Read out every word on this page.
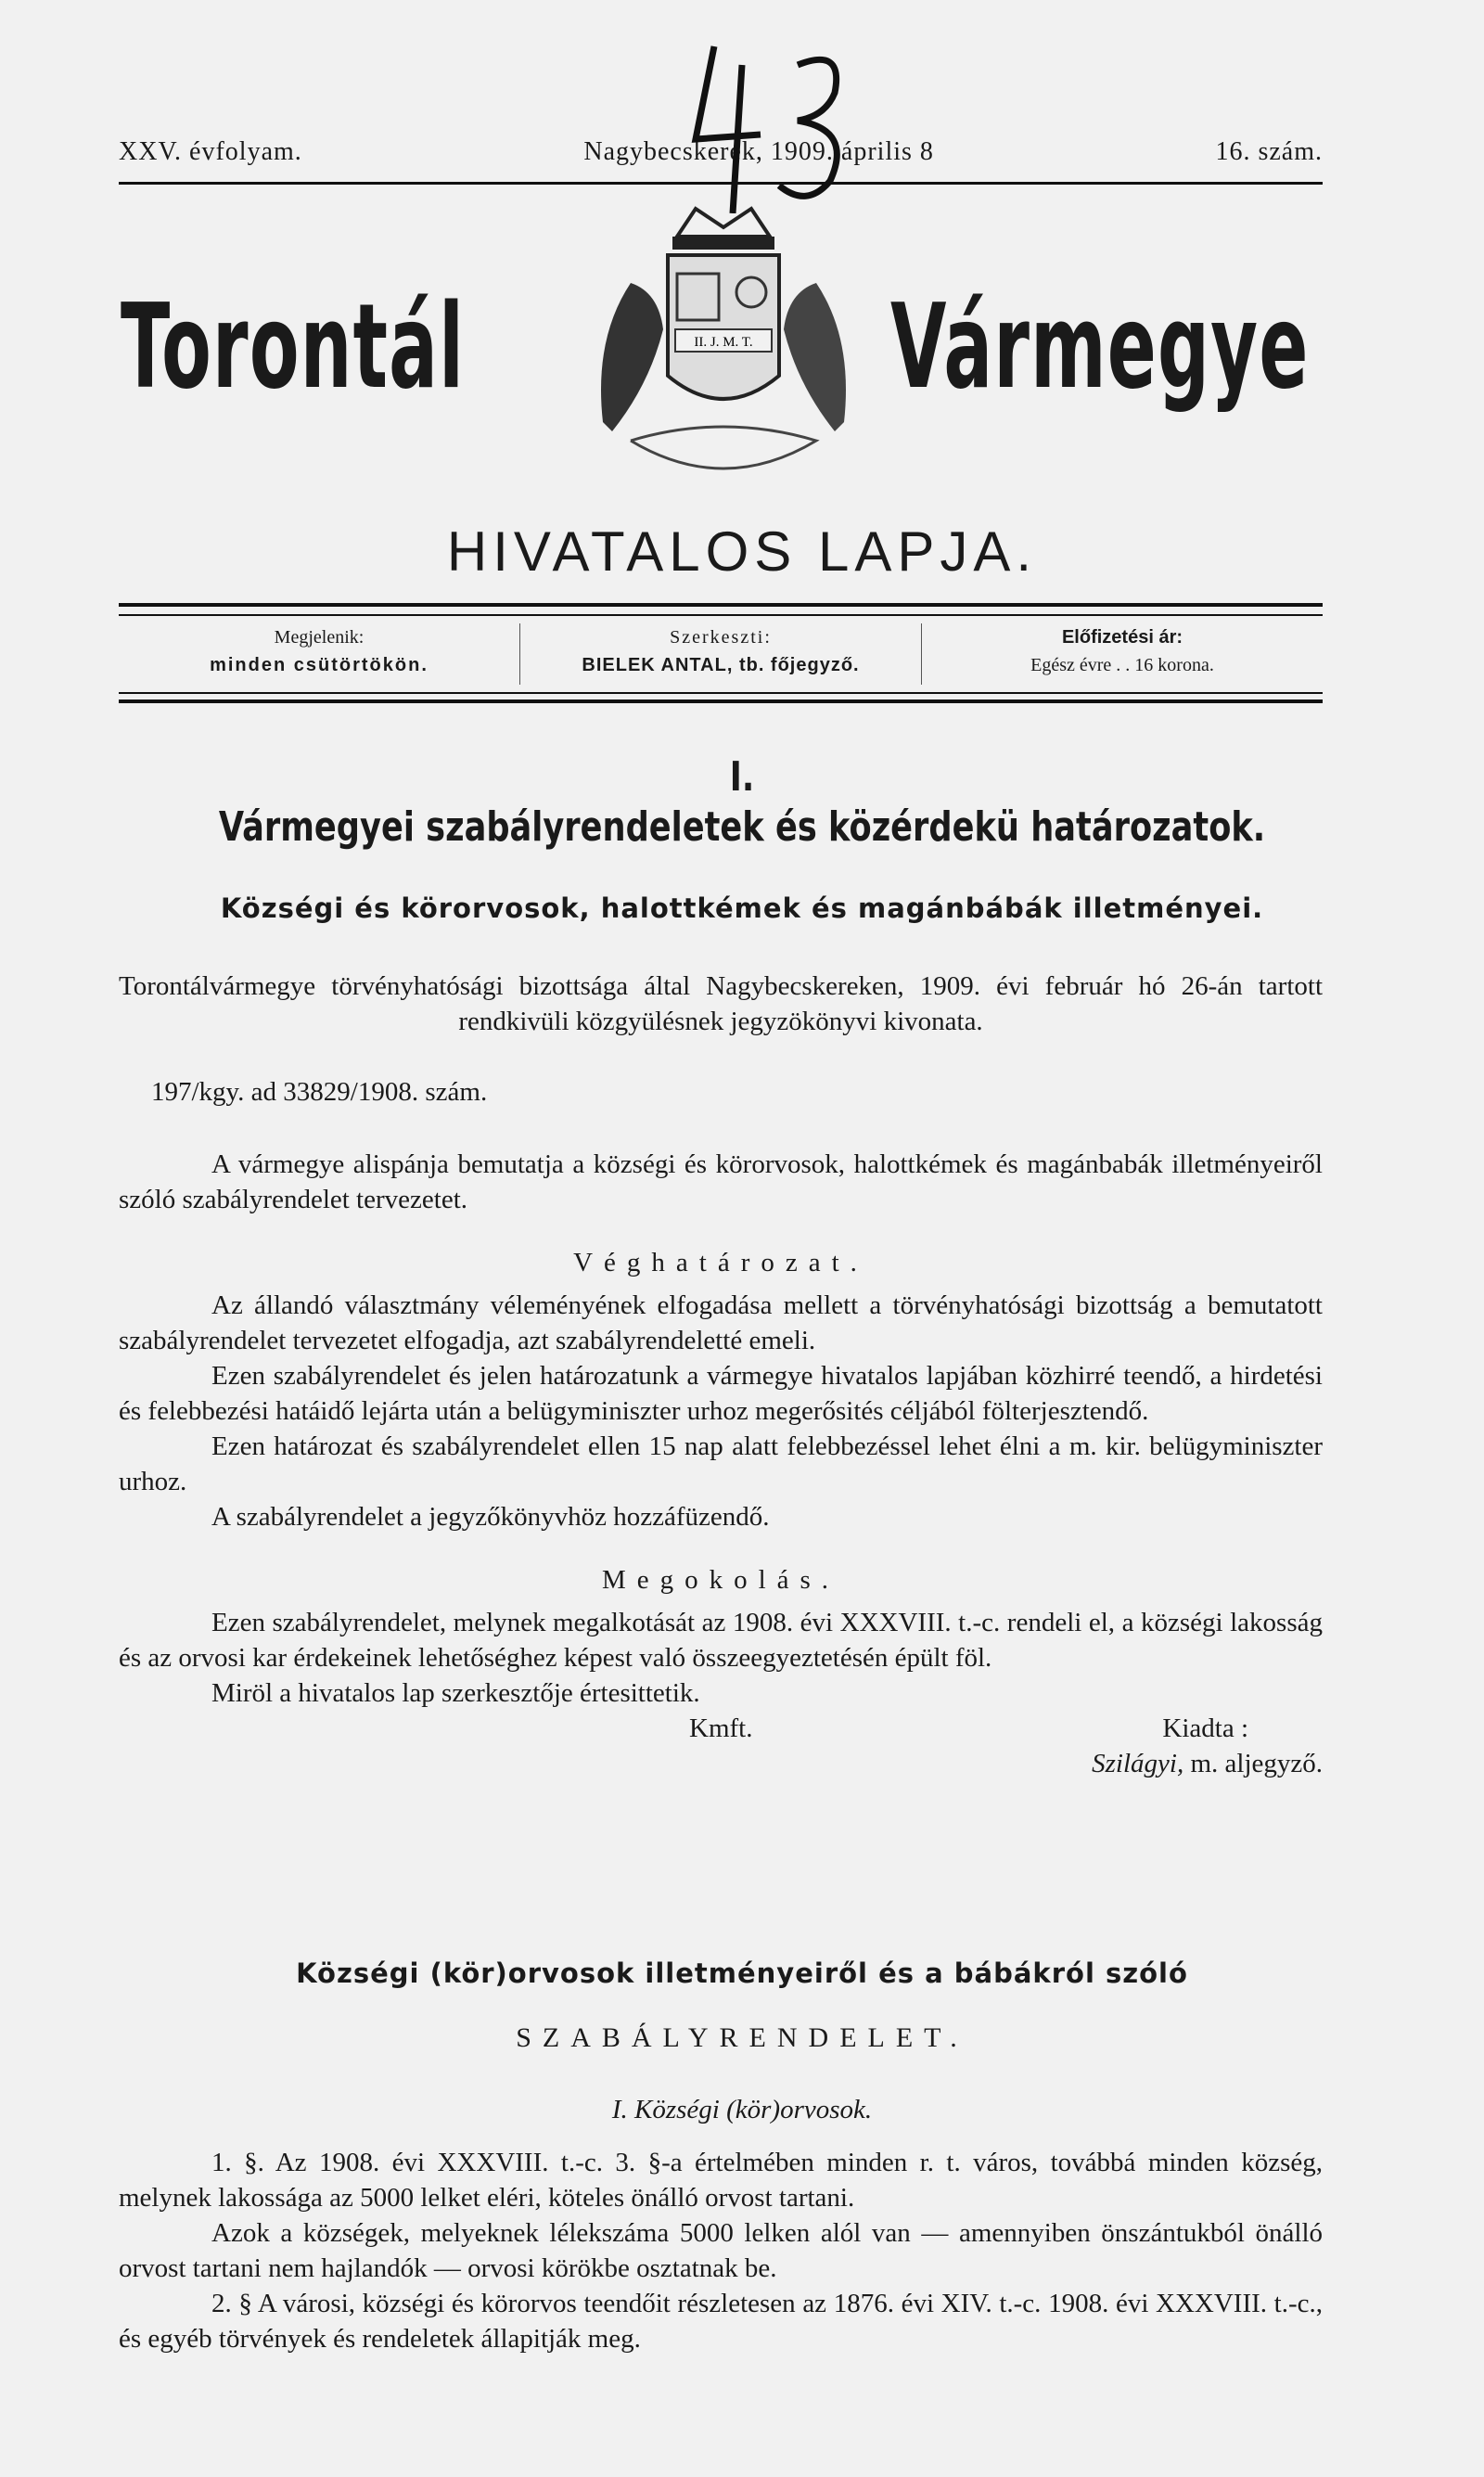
XXV. évfolyam.	Nagybecskerek, 1909. április 8	16. szám.
Torontál	Vármegye
II. J. M. T.
HIVATALOS LAPJA.
Megjelenik:
minden csütörtökön.
Szerkeszti:
BIELEK ANTAL, tb. főjegyző.
Előfizetési ár:
Egész évre . . 16 korona.
I.
Vármegyei szabályrendeletek és közérdekü határozatok.
Községi és körorvosok, halottkémek és magánbábák illetményei.

Torontálvármegye törvényhatósági bizottsága által Nagybecskereken, 1909. évi február hó 26-án tartott rendkivüli közgyülésnek jegyzökönyvi kivonata.

197/kgy. ad 33829/1908. szám.

A vármegye alispánja bemutatja a községi és körorvosok, halottkémek és magánbabák illetményeiről szóló szabályrendelet tervezetet.

Véghatározat.

Az állandó választmány véleményének elfogadása mellett a törvényhatósági bizottság a bemutatott szabályrendelet tervezetet elfogadja, azt szabályrendeletté emeli.

Ezen szabályrendelet és jelen határozatunk a vármegye hivatalos lapjában közhirré teendő, a hirdetési és felebbezési hatáidő lejárta után a belügyminiszter urhoz megerősités céljából fölterjesztendő.

Ezen határozat és szabályrendelet ellen 15 nap alatt felebbezéssel lehet élni a m. kir. belügyminiszter urhoz.

A szabályrendelet a jegyzőkönyvhöz hozzáfüzendő.

Megokolás.

Ezen szabályrendelet, melynek megalkotását az 1908. évi XXXVIII. t.-c. rendeli el, a községi lakosság és az orvosi kar érdekeinek lehetőséghez képest való összeegyeztetésén épült föl.

Miröl a hivatalos lap szerkesztője értesittetik.

Kmft.	Kiadta :

Szilágyi, m. aljegyző.

Községi (kör)orvosok illetményeiről és a bábákról szóló
SZABÁLYRENDELET.
I. Községi (kör)orvosok.

1. §. Az 1908. évi XXXVIII. t.-c. 3. §-a értelmében minden r. t. város, továbbá minden község, melynek lakossága az 5000 lelket eléri, köteles önálló orvost tartani.

Azok a községek, melyeknek lélekszáma 5000 lelken alól van — amennyiben önszántukból önálló orvost tartani nem hajlandók — orvosi körökbe osztatnak be.

2. § A városi, községi és körorvos teendőit részletesen az 1876. évi XIV. t.-c. 1908. évi XXXVIII. t.-c., és egyéb törvények és rendeletek állapitják meg.
